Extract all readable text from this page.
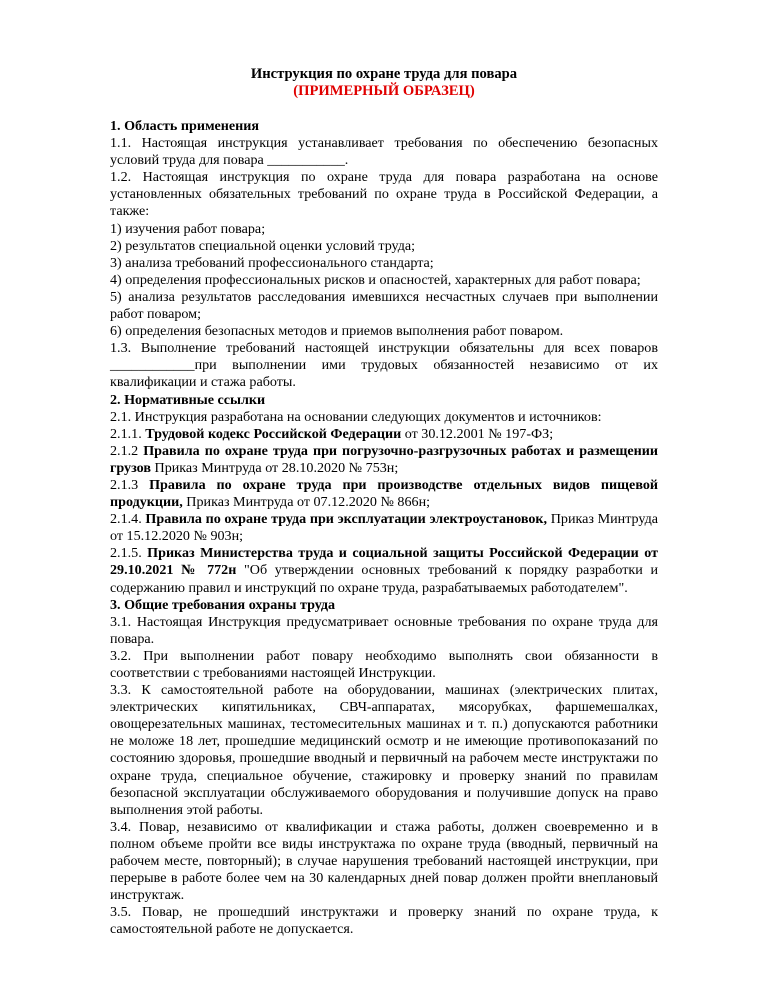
Инструкция по охране труда для повара
(ПРИМЕРНЫЙ ОБРАЗЕЦ)

1. Область применения

1.1. Настоящая инструкция устанавливает требования по обеспечению безопасных условий труда для повара ___________.

1.2. Настоящая инструкция по охране труда для повара разработана на основе установленных обязательных требований по охране труда в Российской Федерации, а также:

1) изучения работ повара;

2) результатов специальной оценки условий труда;

3) анализа требований профессионального стандарта;

4) определения профессиональных рисков и опасностей, характерных для работ повара;

5) анализа результатов расследования имевшихся несчастных случаев при выполнении работ поваром;

6) определения безопасных методов и приемов выполнения работ поваром.

1.3. Выполнение требований настоящей инструкции обязательны для всех поваров ____________при выполнении ими трудовых обязанностей независимо от их квалификации и стажа работы.

2. Нормативные ссылки

2.1. Инструкция разработана на основании следующих документов и источников:

2.1.1. Трудовой кодекс Российской Федерации от 30.12.2001 № 197-ФЗ;

2.1.2 Правила по охране труда при погрузочно-разгрузочных работах и размещении грузов Приказ Минтруда от 28.10.2020 № 753н;

2.1.3 Правила по охране труда при производстве отдельных видов пищевой продукции, Приказ Минтруда от 07.12.2020 № 866н;

2.1.4. Правила по охране труда при эксплуатации электроустановок, Приказ Минтруда от 15.12.2020 № 903н;

2.1.5. Приказ Министерства труда и социальной защиты Российской Федерации от 29.10.2021 № 772н "Об утверждении основных требований к порядку разработки и содержанию правил и инструкций по охране труда, разрабатываемых работодателем".

3. Общие требования охраны труда

3.1. Настоящая Инструкция предусматривает основные требования по охране труда для повара.

3.2. При выполнении работ повару необходимо выполнять свои обязанности в соответствии с требованиями настоящей Инструкции.

3.3. К самостоятельной работе на оборудовании, машинах (электрических плитах, электрических кипятильниках, СВЧ-аппаратах, мясорубках, фаршемешалках, овощерезательных машинах, тестомесительных машинах и т. п.) допускаются работники не моложе 18 лет, прошедшие медицинский осмотр и не имеющие противопоказаний по состоянию здоровья, прошедшие вводный и первичный на рабочем месте инструктажи по охране труда, специальное обучение, стажировку и проверку знаний по правилам безопасной эксплуатации обслуживаемого оборудования и получившие допуск на право выполнения этой работы.

3.4. Повар, независимо от квалификации и стажа работы, должен своевременно и в полном объеме пройти все виды инструктажа по охране труда (вводный, первичный на рабочем месте, повторный); в случае нарушения требований настоящей инструкции, при перерыве в работе более чем на 30 календарных дней повар должен пройти внеплановый инструктаж.

3.5. Повар, не прошедший инструктажи и проверку знаний по охране труда, к самостоятельной работе не допускается.
